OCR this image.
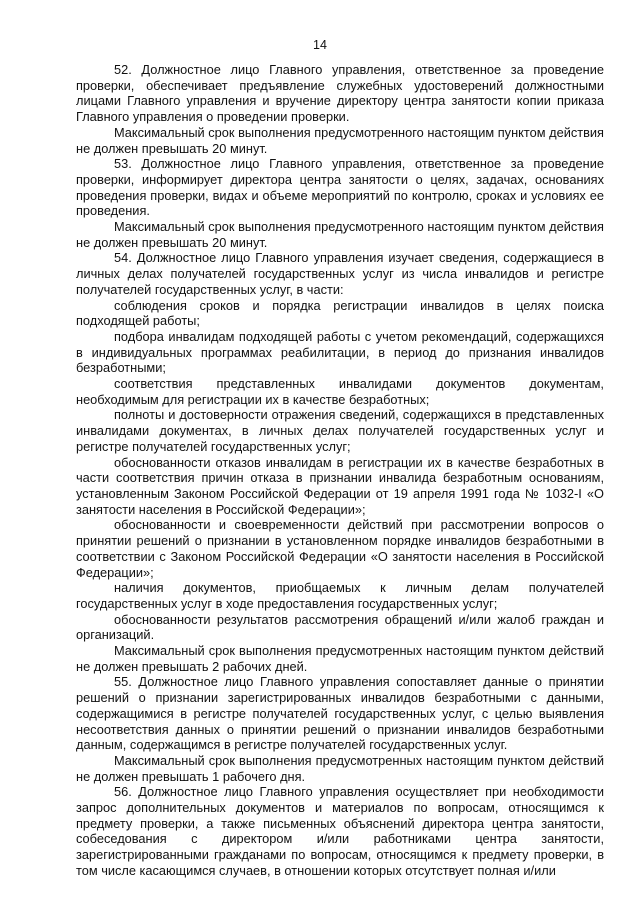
14

52. Должностное лицо Главного управления, ответственное за проведение проверки, обеспечивает предъявление служебных удостоверений должностными лицами Главного управления и вручение директору центра занятости копии приказа Главного управления о проведении проверки.

Максимальный срок выполнения предусмотренного настоящим пунктом действия не должен превышать 20 минут.

53. Должностное лицо Главного управления, ответственное за проведение проверки, информирует директора центра занятости о целях, задачах, основаниях проведения проверки, видах и объеме мероприятий по контролю, сроках и условиях ее проведения.

Максимальный срок выполнения предусмотренного настоящим пунктом действия не должен превышать 20 минут.

54. Должностное лицо Главного управления изучает сведения, содержащиеся в личных делах получателей государственных услуг из числа инвалидов и регистре получателей государственных услуг, в части:

соблюдения сроков и порядка регистрации инвалидов в целях поиска подходящей работы;

подбора инвалидам подходящей работы с учетом рекомендаций, содержащихся в индивидуальных программах реабилитации, в период до признания инвалидов безработными;

соответствия представленных инвалидами документов документам, необходимым для регистрации их в качестве безработных;

полноты и достоверности отражения сведений, содержащихся в представленных инвалидами документах, в личных делах получателей государственных услуг и регистре получателей государственных услуг;

обоснованности отказов инвалидам в регистрации их в качестве безработных в части соответствия причин отказа в признании инвалида безработным основаниям, установленным Законом Российской Федерации от 19 апреля 1991 года № 1032-I «О занятости населения в Российской Федерации»;

обоснованности и своевременности действий при рассмотрении вопросов о принятии решений о признании в установленном порядке инвалидов безработными в соответствии с Законом Российской Федерации «О занятости населения в Российской Федерации»;

наличия документов, приобщаемых к личным делам получателей государственных услуг в ходе предоставления государственных услуг;

обоснованности результатов рассмотрения обращений и/или жалоб граждан и организаций.

Максимальный срок выполнения предусмотренных настоящим пунктом действий не должен превышать 2 рабочих дней.

55. Должностное лицо Главного управления сопоставляет данные о принятии решений о признании зарегистрированных инвалидов безработными с данными, содержащимися в регистре получателей государственных услуг, с целью выявления несоответствия данных о принятии решений о признании инвалидов безработными данным, содержащимся в регистре получателей государственных услуг.

Максимальный срок выполнения предусмотренных настоящим пунктом действий не должен превышать 1 рабочего дня.

56. Должностное лицо Главного управления осуществляет при необходимости запрос дополнительных документов и материалов по вопросам, относящимся к предмету проверки, а также письменных объяснений директора центра занятости, собеседования с директором и/или работниками центра занятости, зарегистрированными гражданами по вопросам, относящимся к предмету проверки, в том числе касающимся случаев, в отношении которых отсутствует полная и/или
